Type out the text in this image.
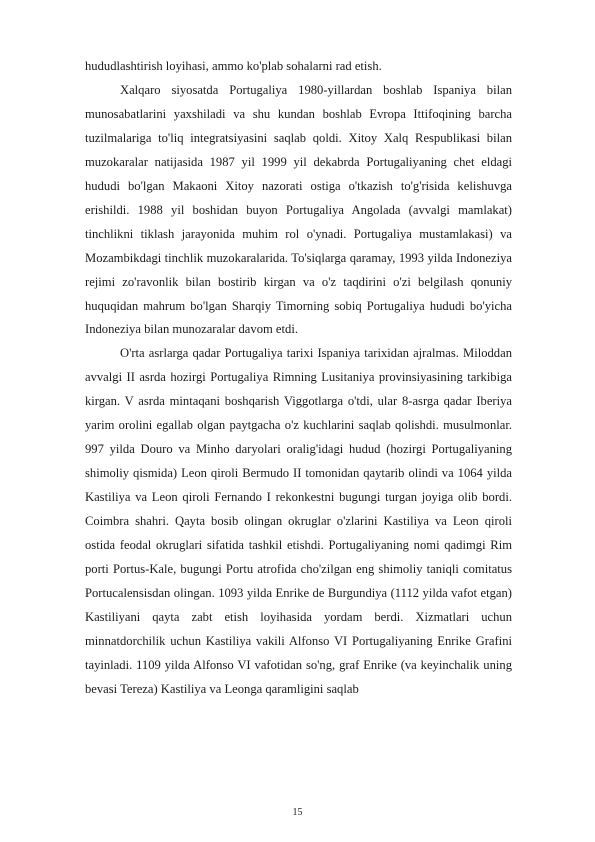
hududlashtirish loyihasi, ammo ko'plab sohalarni rad etish.

Xalqaro siyosatda Portugaliya 1980-yillardan boshlab Ispaniya bilan munosabatlarini yaxshiladi va shu kundan boshlab Evropa Ittifoqining barcha tuzilmalariga to'liq integratsiyasini saqlab qoldi. Xitoy Xalq Respublikasi bilan muzokaralar natijasida 1987 yil 1999 yil dekabrda Portugaliyaning chet eldagi hududi bo'lgan Makaoni Xitoy nazorati ostiga o'tkazish to'g'risida kelishuvga erishildi. 1988 yil boshidan buyon Portugaliya Angolada (avvalgi mamlakat) tinchlikni tiklash jarayonida muhim rol o'ynadi. Portugaliya mustamlakasi) va Mozambikdagi tinchlik muzokaralarida. To'siqlarga qaramay, 1993 yilda Indoneziya rejimi zo'ravonlik bilan bostirib kirgan va o'z taqdirini o'zi belgilash qonuniy huquqidan mahrum bo'lgan Sharqiy Timorning sobiq Portugaliya hududi bo'yicha Indoneziya bilan munozaralar davom etdi.

O'rta asrlarga qadar Portugaliya tarixi Ispaniya tarixidan ajralmas. Miloddan avvalgi II asrda hozirgi Portugaliya Rimning Lusitaniya provinsiyasining tarkibiga kirgan. V asrda mintaqani boshqarish Viggotlarga o'tdi, ular 8-asrga qadar Iberiya yarim orolini egallab olgan paytgacha o'z kuchlarini saqlab qolishdi. musulmonlar. 997 yilda Douro va Minho daryolari oralig'idagi hudud (hozirgi Portugaliyaning shimoliy qismida) Leon qiroli Bermudo II tomonidan qaytarib olindi va 1064 yilda Kastiliya va Leon qiroli Fernando I rekonkestni bugungi turgan joyiga olib bordi. Coimbra shahri. Qayta bosib olingan okruglar o'zlarini Kastiliya va Leon qiroli ostida feodal okruglari sifatida tashkil etishdi. Portugaliyaning nomi qadimgi Rim porti Portus-Kale, bugungi Portu atrofida cho'zilgan eng shimoliy taniqli comitatus Portucalensisdan olingan. 1093 yilda Enrike de Burgundiya (1112 yilda vafot etgan) Kastiliyani qayta zabt etish loyihasida yordam berdi. Xizmatlari uchun minnatdorchilik uchun Kastiliya vakili Alfonso VI Portugaliyaning Enrike Grafini tayinladi. 1109 yilda Alfonso VI vafotidan so'ng, graf Enrike (va keyinchalik uning bevasi Tereza) Kastiliya va Leonga qaramligini saqlab

15
